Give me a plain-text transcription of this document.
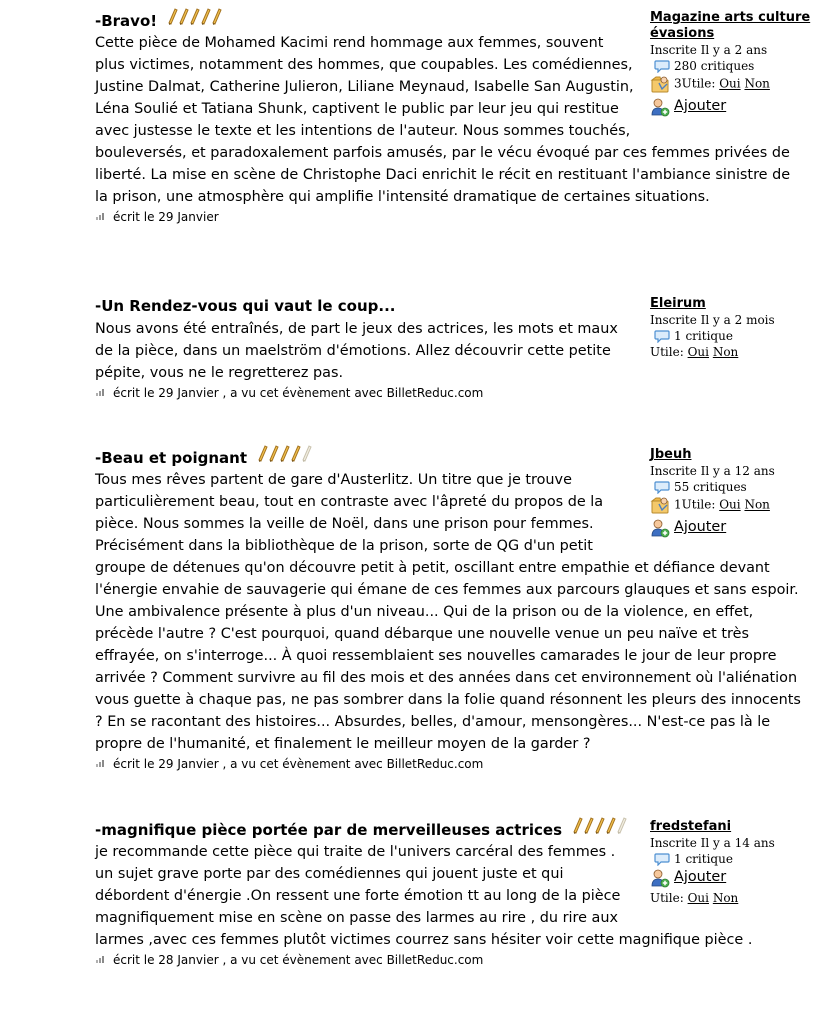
-Bravo!	Magazine arts culture
évasions
Inscrite Il y a 2 ans
280 critiques
3Utile: Oui Non
Ajouter

Cette pièce de Mohamed Kacimi rend hommage aux femmes, souvent plus victimes, notamment des hommes, que coupables. Les comédiennes, Justine Dalmat, Catherine Julieron, Liliane Meynaud, Isabelle San Augustin, Léna Soulié et Tatiana Shunk, captivent le public par leur jeu qui restitue avec justesse le texte et les intentions de l'auteur. Nous sommes touchés, bouleversés, et paradoxalement parfois amusés, par le vécu évoqué par ces femmes privées de liberté. La mise en scène de Christophe Daci enrichit le récit en restituant l'ambiance sinistre de la prison, une atmosphère qui amplifie l'intensité dramatique de certaines situations.

écrit le 29 Janvier
-Un Rendez-vous qui vaut le coup...	Eleirum
Inscrite Il y a 2 mois
1 critique
Utile: Oui Non

Nous avons été entraînés, de part le jeux des actrices, les mots et maux de la pièce, dans un maelström d'émotions. Allez découvrir cette petite pépite, vous ne le regretterez pas.

écrit le 29 Janvier , a vu cet évènement avec BilletReduc.com
-Beau et poignant	Jbeuh
Inscrite Il y a 12 ans
55 critiques
1Utile: Oui Non
Ajouter

Tous mes rêves partent de gare d'Austerlitz. Un titre que je trouve particulièrement beau, tout en contraste avec l'âpreté du propos de la pièce. Nous sommes la veille de Noël, dans une prison pour femmes. Précisément dans la bibliothèque de la prison, sorte de QG d'un petit groupe de détenues qu'on découvre petit à petit, oscillant entre empathie et défiance devant l'énergie envahie de sauvagerie qui émane de ces femmes aux parcours glauques et sans espoir. Une ambivalence présente à plus d'un niveau... Qui de la prison ou de la violence, en effet, précède l'autre ? C'est pourquoi, quand débarque une nouvelle venue un peu naïve et très effrayée, on s'interroge... À quoi ressemblaient ses nouvelles camarades le jour de leur propre arrivée ? Comment survivre au fil des mois et des années dans cet environnement où l'aliénation vous guette à chaque pas, ne pas sombrer dans la folie quand résonnent les pleurs des innocents ? En se racontant des histoires... Absurdes, belles, d'amour, mensongères... N'est-ce pas là le propre de l'humanité, et finalement le meilleur moyen de la garder ?

écrit le 29 Janvier , a vu cet évènement avec BilletReduc.com
-magnifique pièce portée par de merveilleuses actrices	fredstefani
Inscrite Il y a 14 ans
1 critique
Ajouter
Utile: Oui Non

je recommande cette pièce qui traite de l'univers carcéral des femmes . un sujet grave porte par des comédiennes qui jouent juste et qui débordent d'énergie .On ressent une forte émotion tt au long de la pièce magnifiquement mise en scène on passe des larmes au rire , du rire aux larmes ,avec ces femmes plutôt victimes courrez sans hésiter voir cette magnifique pièce .

écrit le 28 Janvier , a vu cet évènement avec BilletReduc.com
